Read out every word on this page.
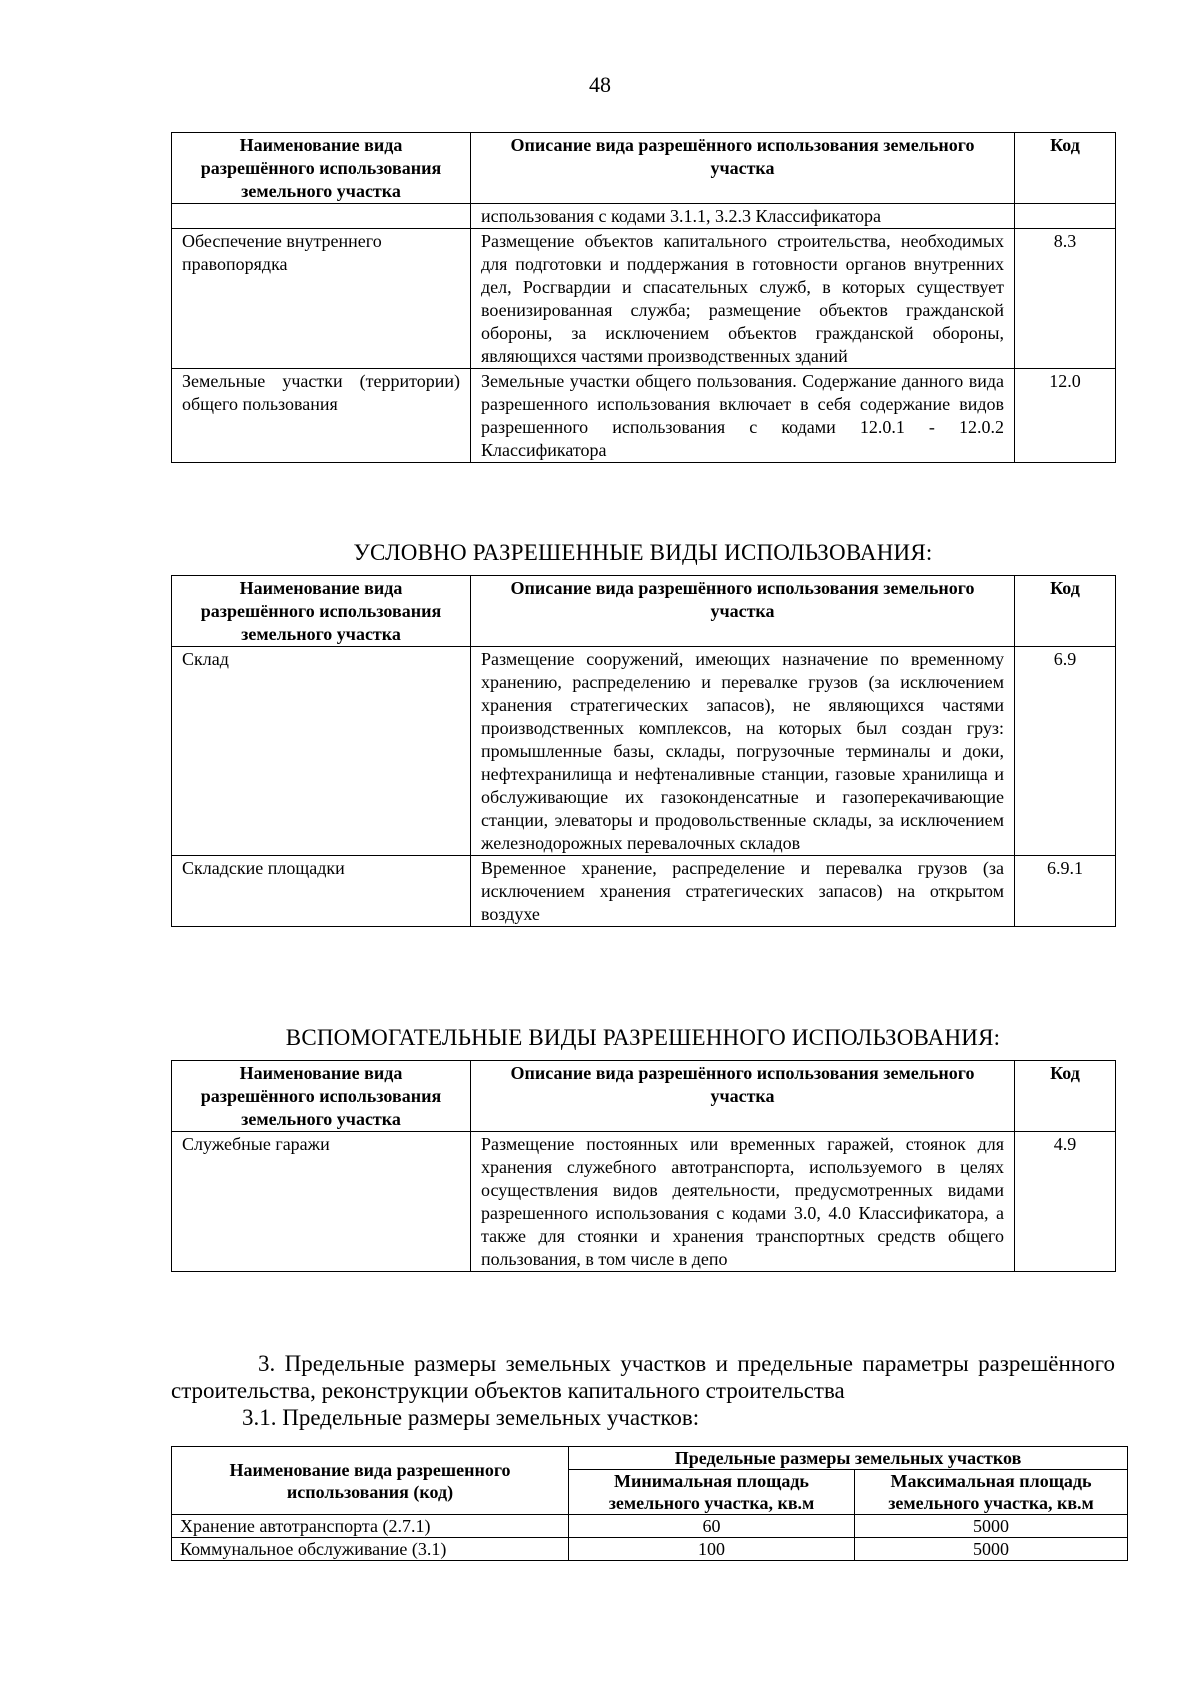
48
Наименование вида разрешённого использования земельного участка	Описание вида разрешённого использования земельного участка	Код
	использования с кодами 3.1.1, 3.2.3 Классификатора	
Обеспечение внутреннего правопорядка	Размещение объектов капитального строительства, необходимых для подготовки и поддержания в готовности органов внутренних дел, Росгвардии и спасательных служб, в которых существует военизированная служба; размещение объектов гражданской обороны, за исключением объектов гражданской обороны, являющихся частями производственных зданий	8.3
Земельные участки (территории) общего пользования	Земельные участки общего пользования. Содержание данного вида разрешенного использования включает в себя содержание видов разрешенного использования с кодами 12.0.1 - 12.0.2 Классификатора	12.0
УСЛОВНО РАЗРЕШЕННЫЕ ВИДЫ ИСПОЛЬЗОВАНИЯ:
Наименование вида разрешённого использования земельного участка	Описание вида разрешённого использования земельного участка	Код
Склад	Размещение сооружений, имеющих назначение по временному хранению, распределению и перевалке грузов (за исключением хранения стратегических запасов), не являющихся частями производственных комплексов, на которых был создан груз: промышленные базы, склады, погрузочные терминалы и доки, нефтехранилища и нефтеналивные станции, газовые хранилища и обслуживающие их газоконденсатные и газоперекачивающие станции, элеваторы и продовольственные склады, за исключением железнодорожных перевалочных складов	6.9
Складские площадки	Временное хранение, распределение и перевалка грузов (за исключением хранения стратегических запасов) на открытом воздухе	6.9.1
ВСПОМОГАТЕЛЬНЫЕ ВИДЫ РАЗРЕШЕННОГО ИСПОЛЬЗОВАНИЯ:
Наименование вида разрешённого использования земельного участка	Описание вида разрешённого использования земельного участка	Код
Служебные гаражи	Размещение постоянных или временных гаражей, стоянок для хранения служебного автотранспорта, используемого в целях осуществления видов деятельности, предусмотренных видами разрешенного использования с кодами 3.0, 4.0 Классификатора, а также для стоянки и хранения транспортных средств общего пользования, в том числе в депо	4.9

3. Предельные размеры земельных участков и предельные параметры разрешённого строительства, реконструкции объектов капитального строительства

3.1. Предельные размеры земельных участков:

Наименование вида разрешенного использования (код)	Предельные размеры земельных участков	
	Минимальная площадь земельного участка, кв.м	Максимальная площадь земельного участка, кв.м
Хранение автотранспорта (2.7.1)	60	5000
Коммунальное обслуживание (3.1)	100	5000
